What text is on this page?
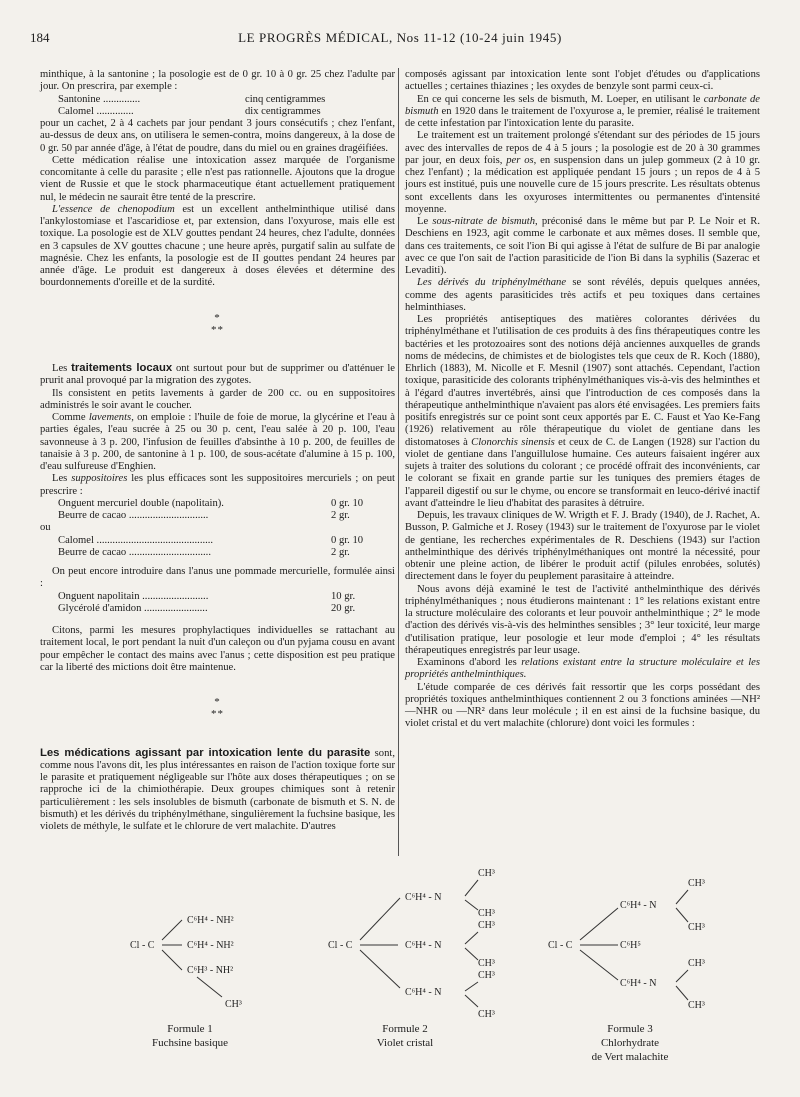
184	LE PROGRÈS MÉDICAL, Nos 11-12 (10-24 juin 1945)

minthique, à la santonine ; la posologie est de 0 gr. 10 à 0 gr. 25 chez l'adulte par jour. On prescrira, par exemple :

Santonine ..............	cinq centigrammes
Calomel ..............	dix centigrammes

pour un cachet, 2 à 4 cachets par jour pendant 3 jours consécutifs ; chez l'enfant, au-dessus de deux ans, on utilisera le semen-contra, moins dangereux, à la dose de 0 gr. 50 par année d'âge, à l'état de poudre, dans du miel ou en graines dragéifiées.

Cette médication réalise une intoxication assez marquée de l'organisme concomitante à celle du parasite ; elle n'est pas rationnelle. Ajoutons que la drogue vient de Russie et que le stock pharmaceutique étant actuellement pratiquement nul, le médecin ne saurait être tenté de la prescrire.

L'essence de chenopodium est un excellent anthelminthique utilisé dans l'ankylostomiase et l'ascaridiose et, par extension, dans l'oxyurose, mais elle est toxique. La posologie est de XLV gouttes pendant 24 heures, chez l'adulte, données en 3 capsules de XV gouttes chacune ; une heure après, purgatif salin au sulfate de magnésie. Chez les enfants, la posologie est de II gouttes pendant 24 heures par année d'âge. Le produit est dangereux à doses élevées et détermine des bourdonnements d'oreille et de la surdité.

*
**

Les traitements locaux ont surtout pour but de supprimer ou d'atténuer le prurit anal provoqué par la migration des zygotes.

Ils consistent en petits lavements à garder de 200 cc. ou en suppositoires administrés le soir avant le coucher.

Comme lavements, on emploie : l'huile de foie de morue, la glycérine et l'eau à parties égales, l'eau sucrée à 25 ou 30 p. cent, l'eau salée à 20 p. 100, l'eau savonneuse à 3 p. 200, l'infusion de feuilles d'absinthe à 10 p. 200, de feuilles de tanaisie à 3 p. 200, de santonine à 1 p. 100, de sous-acétate d'alumine à 15 p. 100, d'eau sulfureuse d'Enghien.

Les suppositoires les plus efficaces sont les suppositoires mercuriels ; on peut prescrire :

Onguent mercuriel double (napolitain).	0 gr. 10
Beurre de cacao ..............................	2 gr.
ou
Calomel ............................................	0 gr. 10
Beurre de cacao ...............................	2 gr.

On peut encore introduire dans l'anus une pommade mercurielle, formulée ainsi :

Onguent napolitain .........................	10 gr.
Glycérolé d'amidon ........................	20 gr.

Citons, parmi les mesures prophylactiques individuelles se rattachant au traitement local, le port pendant la nuit d'un caleçon ou d'un pyjama cousu en avant pour empêcher le contact des mains avec l'anus ; cette disposition est peu pratique car la liberté des mictions doit être maintenue.

*
**

Les médications agissant par intoxication lente du parasite sont, comme nous l'avons dit, les plus intéressantes en raison de l'action toxique forte sur le parasite et pratiquement négligeable sur l'hôte aux doses thérapeutiques ; on se rapproche ici de la chimiothérapie. Deux groupes chimiques sont à retenir particulièrement : les sels insolubles de bismuth (carbonate de bismuth et S. N. de bismuth) et les dérivés du triphénylméthane, singulièrement la fuchsine basique, les violets de méthyle, le sulfate et le chlorure de vert malachite. D'autres

composés agissant par intoxication lente sont l'objet d'études ou d'applications actuelles ; certaines thiazines ; les oxydes de benzyle sont parmi ceux-ci.

En ce qui concerne les sels de bismuth, M. Loeper, en utilisant le carbonate de bismuth en 1920 dans le traitement de l'oxyurose a, le premier, réalisé le traitement de cette infestation par l'intoxication lente du parasite.

Le traitement est un traitement prolongé s'étendant sur des périodes de 15 jours avec des intervalles de repos de 4 à 5 jours ; la posologie est de 20 à 30 grammes par jour, en deux fois, per os, en suspension dans un julep gommeux (2 à 10 gr. chez l'enfant) ; la médication est appliquée pendant 15 jours ; un repos de 4 à 5 jours est institué, puis une nouvelle cure de 15 jours prescrite. Les résultats obtenus sont excellents dans les oxyuroses intermittentes ou permanentes d'intensité moyenne.

Le sous-nitrate de bismuth, préconisé dans le même but par P. Le Noir et R. Deschiens en 1923, agit comme le carbonate et aux mêmes doses. Il semble que, dans ces traitements, ce soit l'ion Bi qui agisse à l'état de sulfure de Bi par analogie avec ce que l'on sait de l'action parasiticide de l'ion Bi dans la syphilis (Sazerac et Levaditi).

Les dérivés du triphénylméthane se sont révélés, depuis quelques années, comme des agents parasiticides très actifs et peu toxiques dans certaines helminthiases.

Les propriétés antiseptiques des matières colorantes dérivées du triphénylméthane et l'utilisation de ces produits à des fins thérapeutiques contre les bactéries et les protozoaires sont des notions déjà anciennes auxquelles de grands noms de médecins, de chimistes et de biologistes tels que ceux de R. Koch (1880), Ehrlich (1883), M. Nicolle et F. Mesnil (1907) sont attachés. Cependant, l'action toxique, parasiticide des colorants triphénylméthaniques vis-à-vis des helminthes et à l'égard d'autres invertébrés, ainsi que l'introduction de ces composés dans la thérapeutique anthelminthique n'avaient pas alors été envisagées. Les premiers faits positifs enregistrés sur ce point sont ceux apportés par E. C. Faust et Yao Ke-Fang (1926) relativement au rôle thérapeutique du violet de gentiane dans les distomatoses à Clonorchis sinensis et ceux de C. de Langen (1928) sur l'action du violet de gentiane dans l'anguillulose humaine. Ces auteurs faisaient ingérer aux sujets à traiter des solutions du colorant ; ce procédé offrait des inconvénients, car le colorant se fixait en grande partie sur les tuniques des premiers étages de l'appareil digestif ou sur le chyme, ou encore se transformait en leuco-dérivé inactif avant d'atteindre le lieu d'habitat des parasites à détruire.

Depuis, les travaux cliniques de W. Wrigth et F. J. Brady (1940), de J. Rachet, A. Busson, P. Galmiche et J. Rosey (1943) sur le traitement de l'oxyurose par le violet de gentiane, les recherches expérimentales de R. Deschiens (1943) sur l'action anthelminthique des dérivés triphénylméthaniques ont montré la nécessité, pour obtenir une pleine action, de libérer le produit actif (pilules enrobées, solutés) directement dans le foyer du peuplement parasitaire à atteindre.

Nous avons déjà examiné le test de l'activité anthelminthique des dérivés triphénylméthaniques ; nous étudierons maintenant : 1° les relations existant entre la structure moléculaire des colorants et leur pouvoir anthelminthique ; 2° le mode d'action des dérivés vis-à-vis des helminthes sensibles ; 3° leur toxicité, leur marge d'utilisation pratique, leur posologie et leur mode d'emploi ; 4° les résultats thérapeutiques enregistrés par leur usage.

Examinons d'abord les relations existant entre la structure moléculaire et les propriétés anthelminthiques.

L'étude comparée de ces dérivés fait ressortir que les corps possédant des propriétés toxiques anthelminthiques contiennent 2 ou 3 fonctions aminées —NH² —NHR ou —NR² dans leur molécule ; il en est ainsi de la fuchsine basique, du violet cristal et du vert malachite (chlorure) dont voici les formules :

Cl - C
C⁶H⁴ - NH²
C⁶H⁴ - NH²
C⁶H³ - NH²
CH³
Cl - C
C⁶H⁴ - N
C⁶H⁴ - N
C⁶H⁴ - N
CH³
CH³
CH³
CH³
CH³
CH³
Cl - C
C⁶H⁴ - N
C⁶H⁵
C⁶H⁴ - N
CH³
CH³
CH³
CH³
Formule 1
Fuchsine basique
Formule 2
Violet cristal
Formule 3
Chlorhydrate
de Vert malachite
